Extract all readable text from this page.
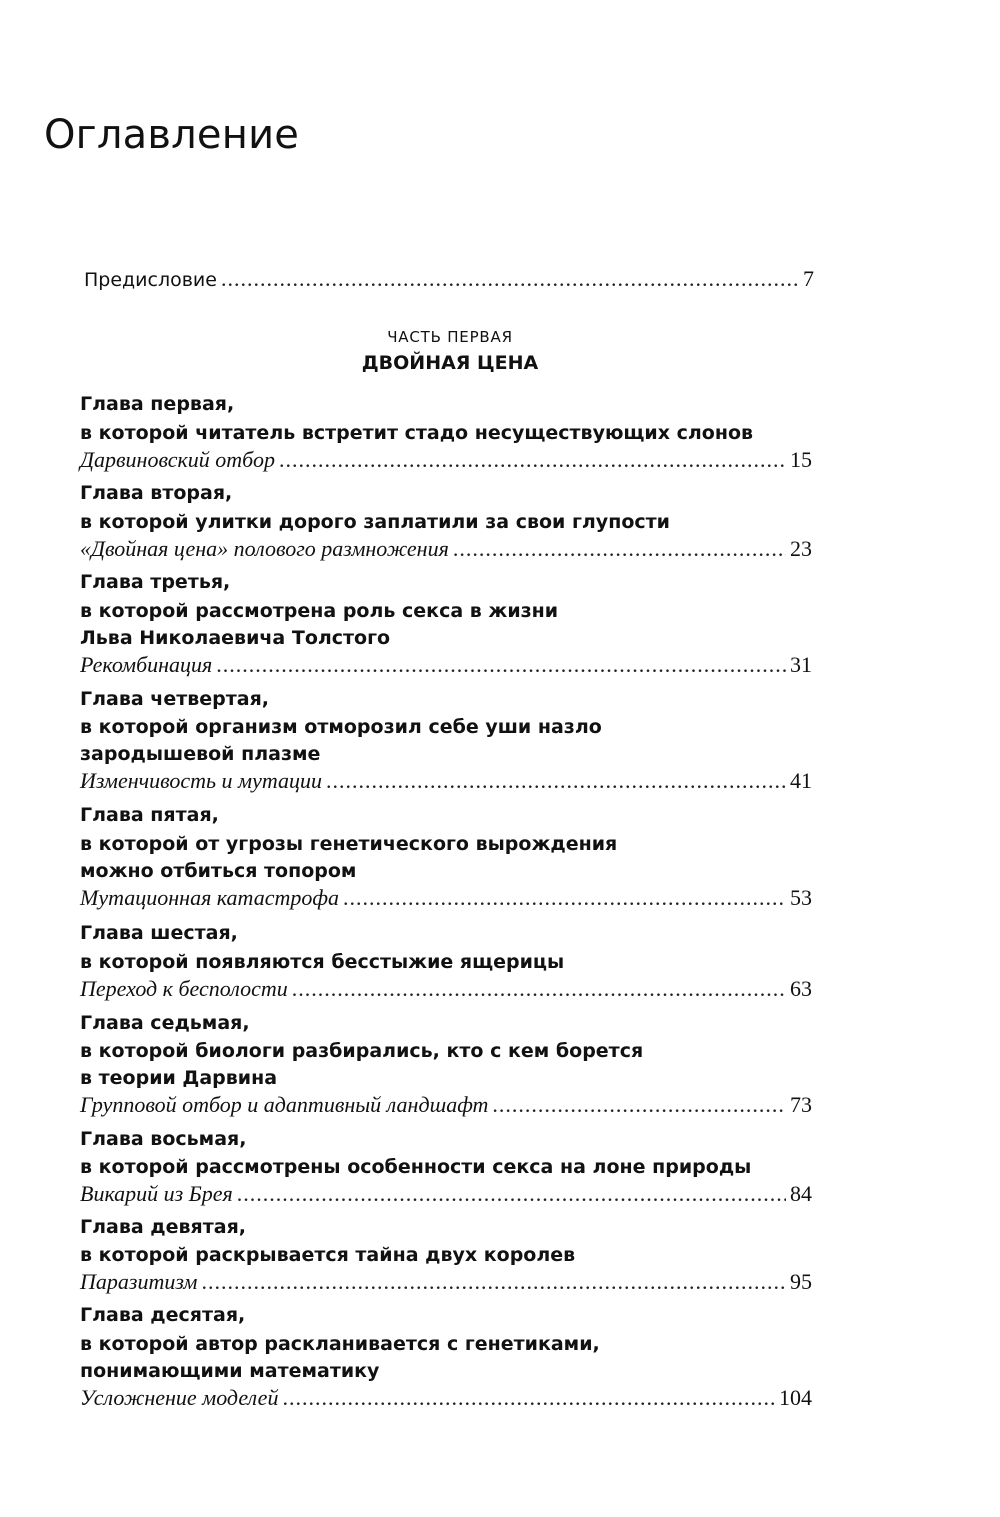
Оглавление
Предисловие .....	7
ЧАСТЬ ПЕРВАЯ
ДВОЙНАЯ ЦЕНА
Глава первая,
в которой читатель встретит стадо несуществующих слонов
Дарвиновский отбор .....	15
Глава вторая,
в которой улитки дорого заплатили за свои глупости
«Двойная цена» полового размножения .....	23
Глава третья,
в которой рассмотрена роль секса в жизни
Льва Николаевича Толстого
Рекомбинация .....	31
Глава четвертая,
в которой организм отморозил себе уши назло
зародышевой плазме
Изменчивость и мутации .....	41
Глава пятая,
в которой от угрозы генетического вырождения
можно отбиться топором
Мутационная катастрофа .....	53
Глава шестая,
в которой появляются бесстыжие ящерицы
Переход к бесполости .....	63
Глава седьмая,
в которой биологи разбирались, кто с кем борется
в теории Дарвина
Групповой отбор и адаптивный ландшафт .....	73
Глава восьмая,
в которой рассмотрены особенности секса на лоне природы
Викарий из Брея .....	84
Глава девятая,
в которой раскрывается тайна двух королев
Паразитизм .....	95
Глава десятая,
в которой автор раскланивается с генетиками,
понимающими математику
Усложнение моделей .....	104
